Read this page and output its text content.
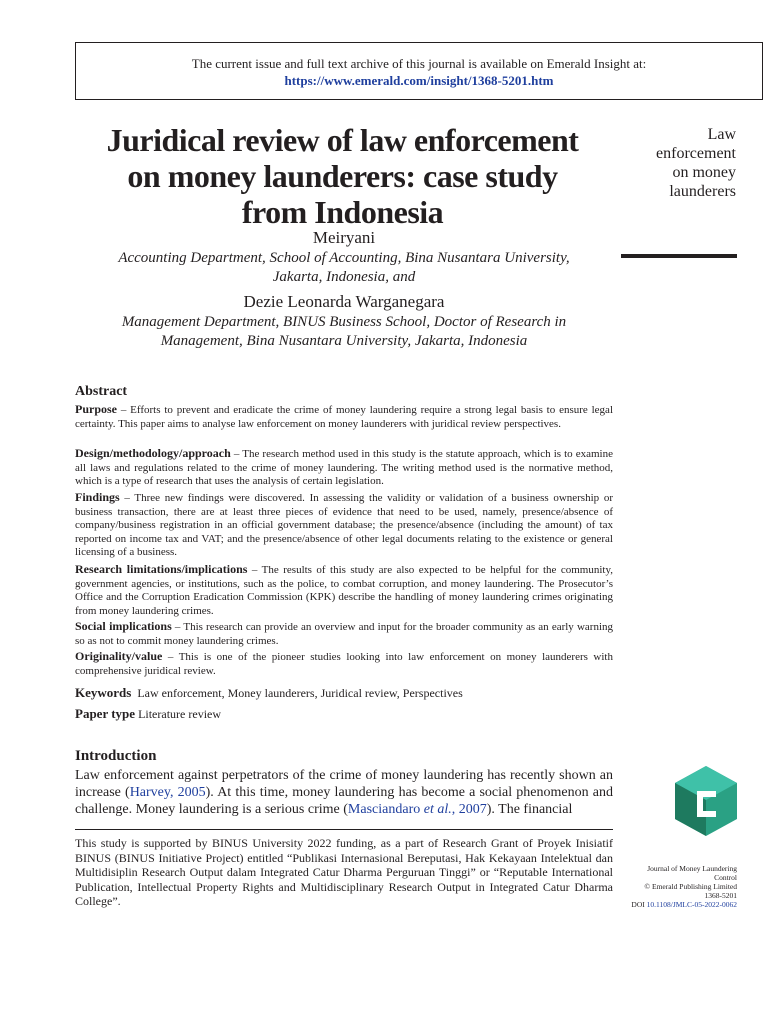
The current issue and full text archive of this journal is available on Emerald Insight at:
https://www.emerald.com/insight/1368-5201.htm
Juridical review of law enforcement
on money launderers: case study
from Indonesia
Law
enforcement
on money
launderers
Meiryani
Accounting Department, School of Accounting, Bina Nusantara University,
Jakarta, Indonesia, and
Dezie Leonarda Warganegara
Management Department, BINUS Business School, Doctor of Research in
Management, Bina Nusantara University, Jakarta, Indonesia
Abstract
Purpose – Efforts to prevent and eradicate the crime of money laundering require a strong legal basis to ensure legal certainty. This paper aims to analyse law enforcement on money launderers with juridical review perspectives.
Design/methodology/approach – The research method used in this study is the statute approach, which is to examine all laws and regulations related to the crime of money laundering. The writing method used is the normative method, which is a type of research that uses the analysis of certain legislation.
Findings – Three new findings were discovered. In assessing the validity or validation of a business ownership or business transaction, there are at least three pieces of evidence that need to be used, namely, presence/absence of company/business registration in an official government database; the presence/absence (including the amount) of tax reported on income tax and VAT; and the presence/absence of other legal documents relating to the existence or general licensing of a business.
Research limitations/implications – The results of this study are also expected to be helpful for the community, government agencies, or institutions, such as the police, to combat corruption, and money laundering. The Prosecutor’s Office and the Corruption Eradication Commission (KPK) describe the handling of money laundering crimes originating from money laundering crimes.
Social implications – This research can provide an overview and input for the broader community as an early warning so as not to commit money laundering crimes.
Originality/value – This is one of the pioneer studies looking into law enforcement on money launderers with comprehensive juridical review.
Keywords Law enforcement, Money launderers, Juridical review, Perspectives
Paper type Literature review
Introduction
Law enforcement against perpetrators of the crime of money laundering has recently shown an increase (Harvey, 2005). At this time, money laundering has become a social phenomenon and challenge. Money laundering is a serious crime (Masciandaro et al., 2007). The financial
This study is supported by BINUS University 2022 funding, as a part of Research Grant of Proyek Inisiatif BINUS (BINUS Initiative Project) entitled “Publikasi Internasional Bereputasi, Hak Kekayaan Intelektual dan Multidisiplin Research Output dalam Integrated Catur Dharma Perguruan Tinggi” or “Reputable International Publication, Intellectual Property Rights and Multidisciplinary Research Output in Integrated Catur Dharma College”.
Journal of Money Laundering
Control
© Emerald Publishing Limited
1368-5201
DOI 10.1108/JMLC-05-2022-0062
